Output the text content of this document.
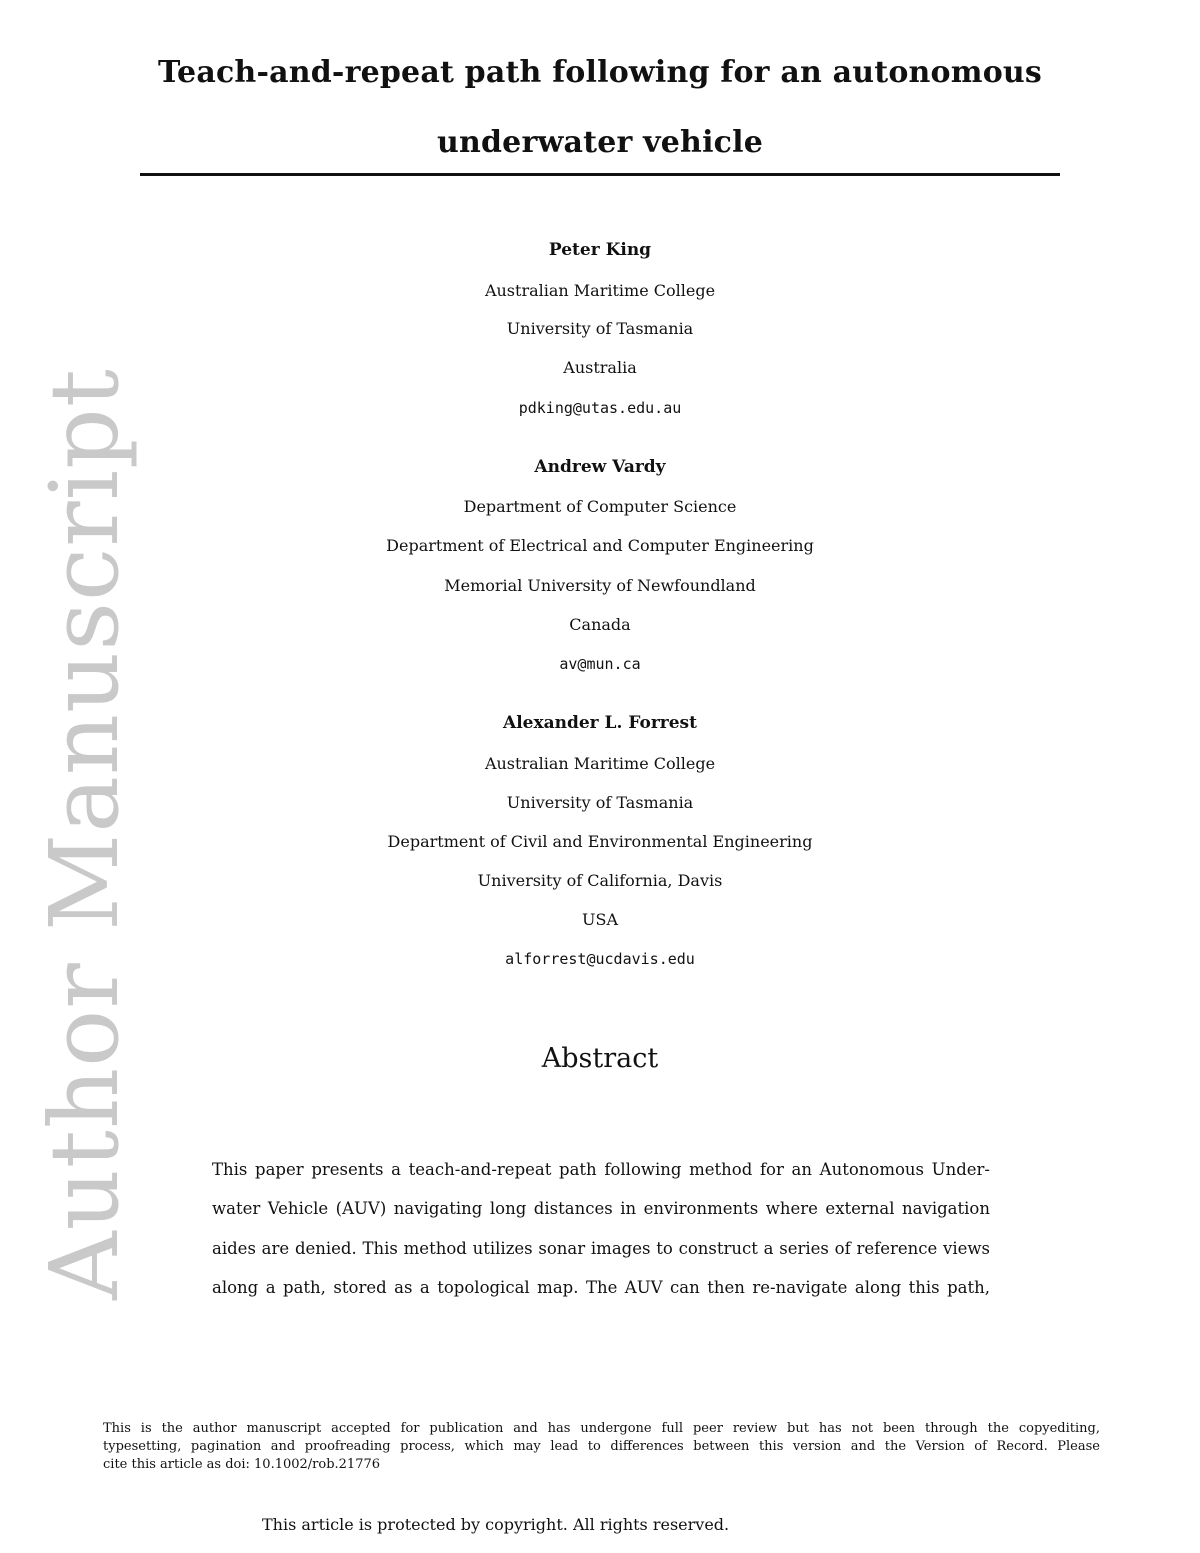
Author Manuscript
Teach-and-repeat path following for an autonomous
underwater vehicle
Peter King
Australian Maritime College
University of Tasmania
Australia
pdking@utas.edu.au
Andrew Vardy
Department of Computer Science
Department of Electrical and Computer Engineering
Memorial University of Newfoundland
Canada
av@mun.ca
Alexander L. Forrest
Australian Maritime College
University of Tasmania
Department of Civil and Environmental Engineering
University of California, Davis
USA
alforrest@ucdavis.edu
Abstract
This paper presents a teach-and-repeat path following method for an Autonomous Under-
water Vehicle (AUV) navigating long distances in environments where external navigation
aides are denied. This method utilizes sonar images to construct a series of reference views
along a path, stored as a topological map. The AUV can then re-navigate along this path,
This is the author manuscript accepted for publication and has undergone full peer review but has not been through the copyediting,
typesetting, pagination and proofreading process, which may lead to differences between this version and the Version of Record. Please
cite this article as doi: 10.1002/rob.21776
This article is protected by copyright. All rights reserved.
